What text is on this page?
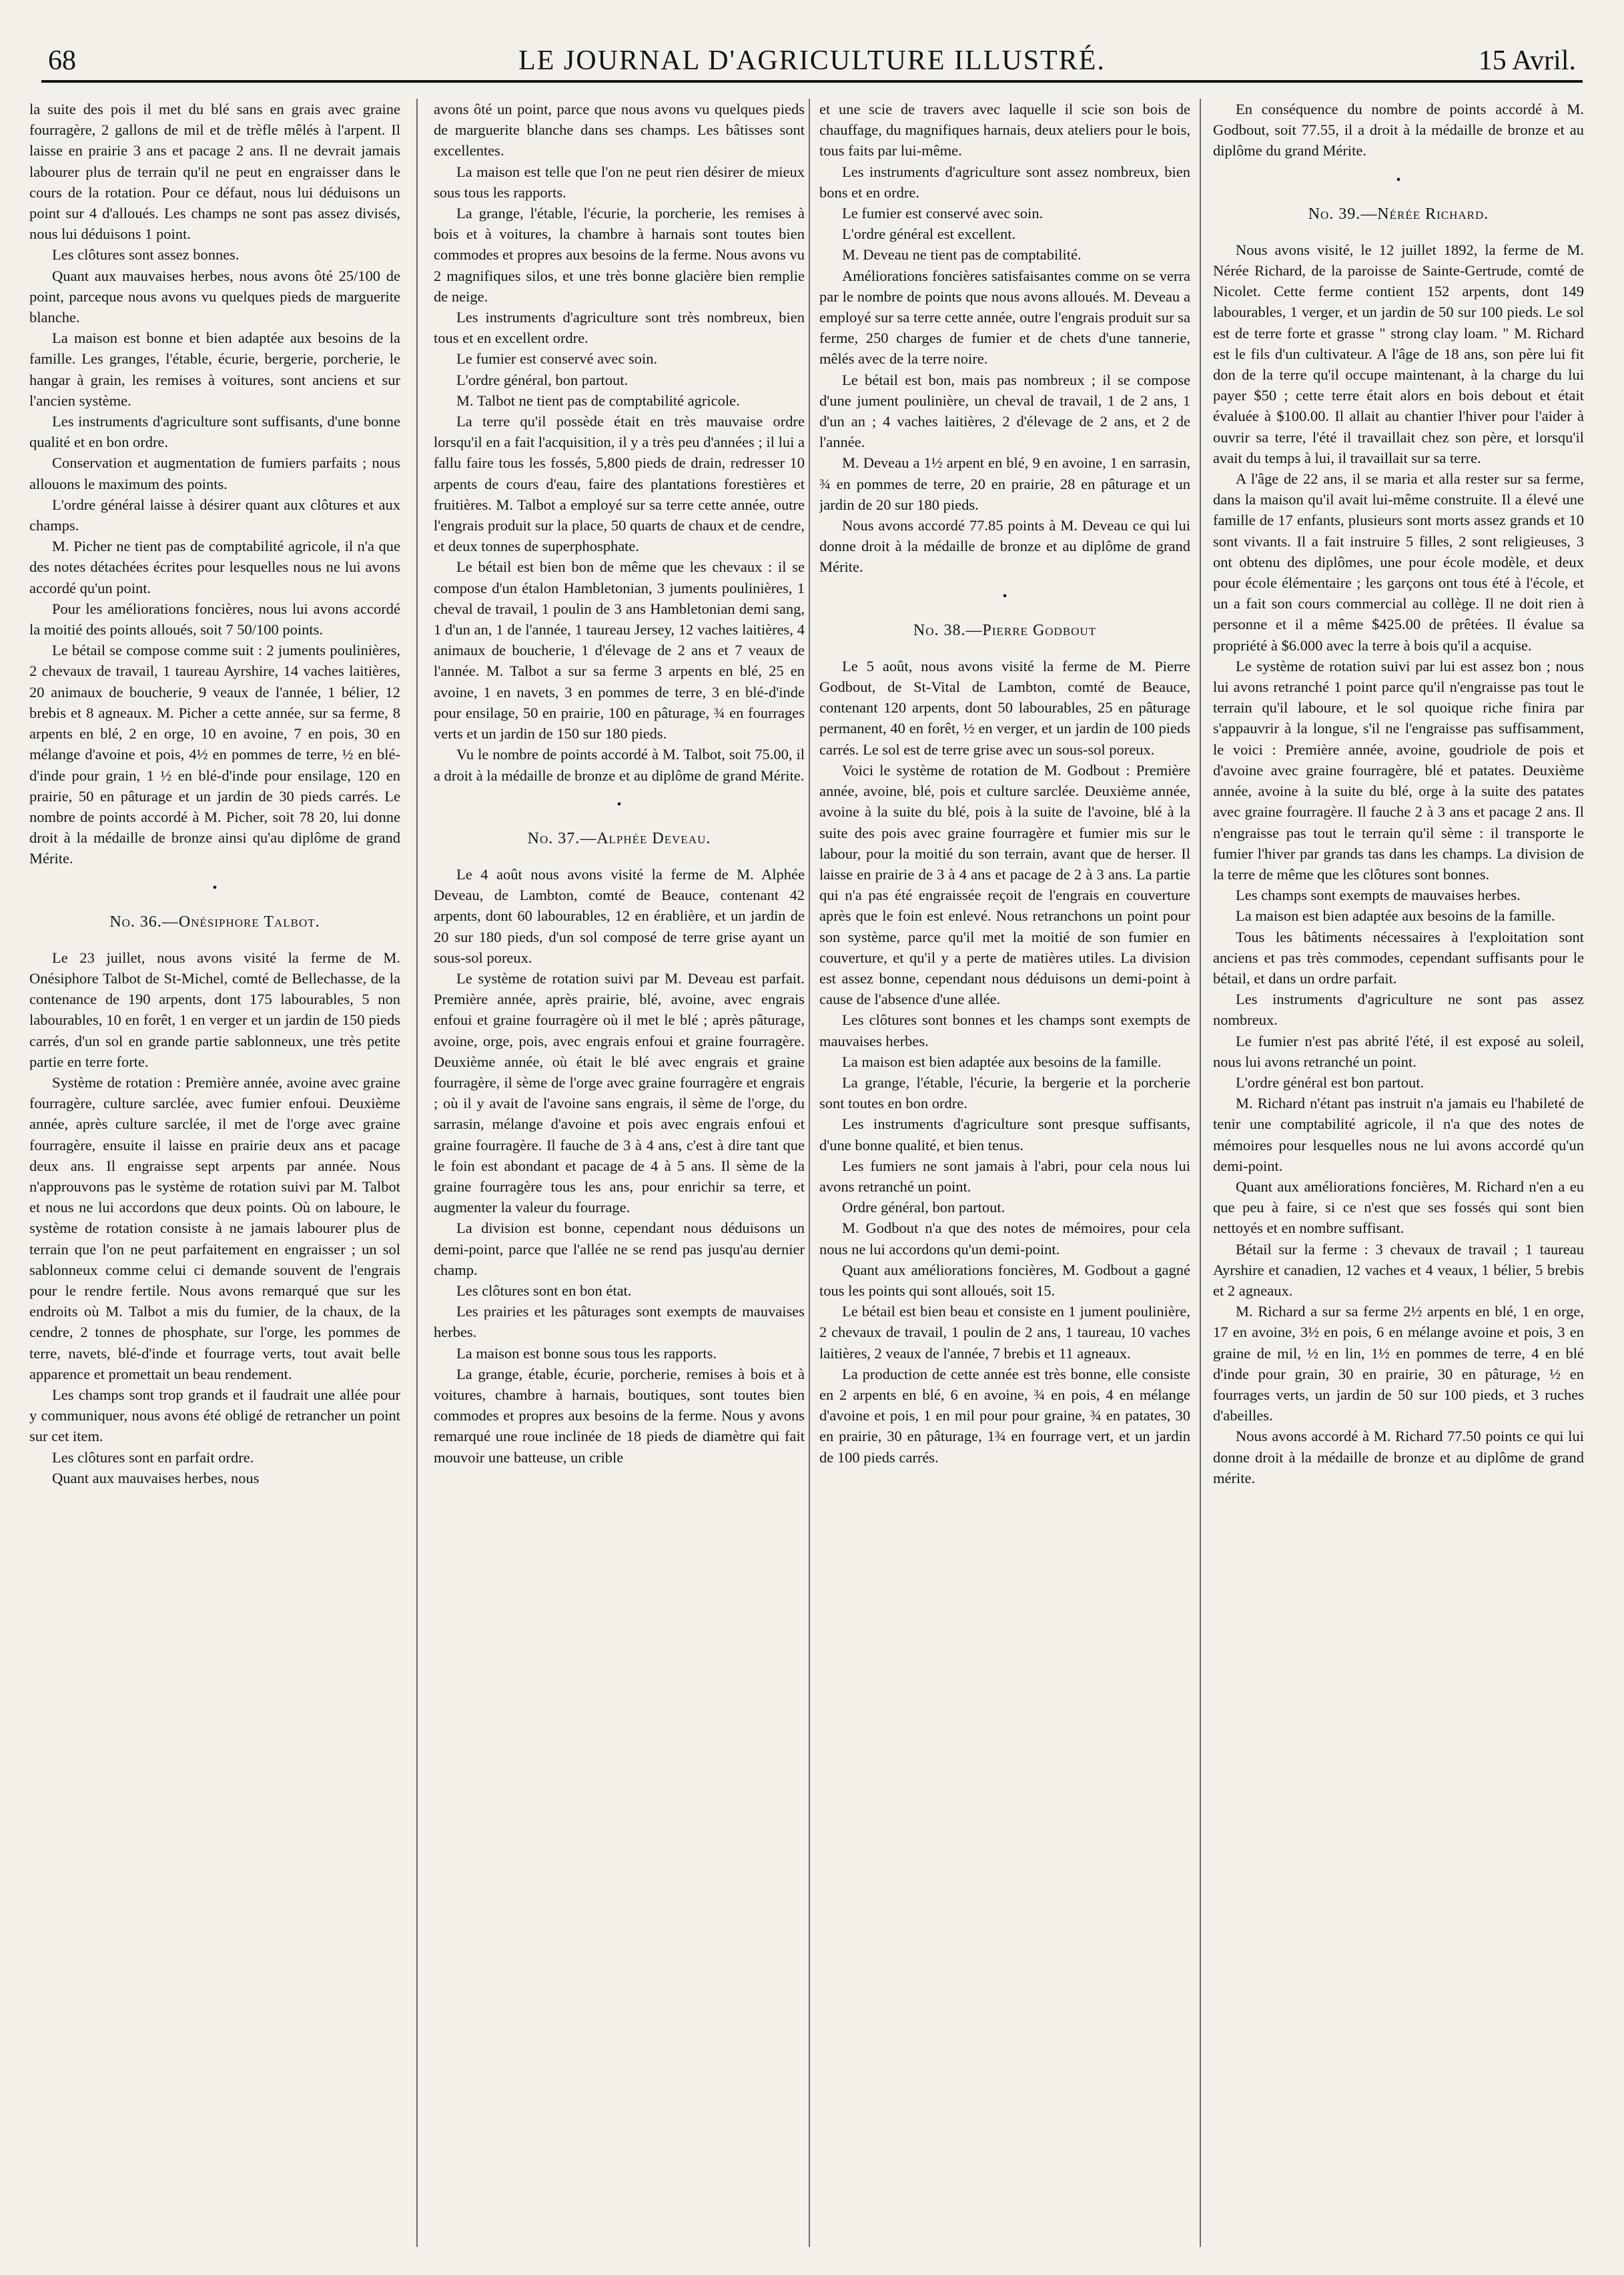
68	LE JOURNAL D'AGRICULTURE ILLUSTRÉ.	15 Avril.

la suite des pois il met du blé sans en grais avec graine fourragère, 2 gallons de mil et de trèfle mêlés à l'arpent. Il laisse en prairie 3 ans et pacage 2 ans. Il ne devrait jamais labourer plus de terrain qu'il ne peut en engraisser dans le cours de la rotation. Pour ce défaut, nous lui déduisons un point sur 4 d'alloués. Les champs ne sont pas assez divisés, nous lui déduisons 1 point.

Les clôtures sont assez bonnes.

Quant aux mauvaises herbes, nous avons ôté 25/100 de point, parceque nous avons vu quelques pieds de marguerite blanche.

La maison est bonne et bien adaptée aux besoins de la famille. Les granges, l'étable, écurie, bergerie, porcherie, le hangar à grain, les remises à voitures, sont anciens et sur l'ancien système.

Les instruments d'agriculture sont suffisants, d'une bonne qualité et en bon ordre.

Conservation et augmentation de fumiers parfaits ; nous allouons le maximum des points.

L'ordre général laisse à désirer quant aux clôtures et aux champs.

M. Picher ne tient pas de comptabilité agricole, il n'a que des notes détachées écrites pour lesquelles nous ne lui avons accordé qu'un point.

Pour les améliorations foncières, nous lui avons accordé la moitié des points alloués, soit 7 50/100 points.

Le bétail se compose comme suit : 2 juments poulinières, 2 chevaux de travail, 1 taureau Ayrshire, 14 vaches laitières, 20 animaux de boucherie, 9 veaux de l'année, 1 bélier, 12 brebis et 8 agneaux. M. Picher a cette année, sur sa ferme, 8 arpents en blé, 2 en orge, 10 en avoine, 7 en pois, 30 en mélange d'avoine et pois, 4½ en pommes de terre, ½ en blé-d'inde pour grain, 1 ½ en blé-d'inde pour ensilage, 120 en prairie, 50 en pâturage et un jardin de 30 pieds carrés. Le nombre de points accordé à M. Picher, soit 78 20, lui donne droit à la médaille de bronze ainsi qu'au diplôme de grand Mérite.

•
No. 36.—Onésiphore Talbot.

Le 23 juillet, nous avons visité la ferme de M. Onésiphore Talbot de St-Michel, comté de Bellechasse, de la contenance de 190 arpents, dont 175 labourables, 5 non labourables, 10 en forêt, 1 en verger et un jardin de 150 pieds carrés, d'un sol en grande partie sablonneux, une très petite partie en terre forte.

Système de rotation : Première année, avoine avec graine fourragère, culture sarclée, avec fumier enfoui. Deuxième année, après culture sarclée, il met de l'orge avec graine fourragère, ensuite il laisse en prairie deux ans et pacage deux ans. Il engraisse sept arpents par année. Nous n'approuvons pas le système de rotation suivi par M. Talbot et nous ne lui accordons que deux points. Où on laboure, le système de rotation consiste à ne jamais labourer plus de terrain que l'on ne peut parfaitement en engraisser ; un sol sablonneux comme celui ci demande souvent de l'engrais pour le rendre fertile. Nous avons remarqué que sur les endroits où M. Talbot a mis du fumier, de la chaux, de la cendre, 2 tonnes de phosphate, sur l'orge, les pommes de terre, navets, blé-d'inde et fourrage verts, tout avait belle apparence et promettait un beau rendement.

Les champs sont trop grands et il faudrait une allée pour y communiquer, nous avons été obligé de retrancher un point sur cet item.

Les clôtures sont en parfait ordre.

Quant aux mauvaises herbes, nous

avons ôté un point, parce que nous avons vu quelques pieds de marguerite blanche dans ses champs. Les bâtisses sont excellentes.

La maison est telle que l'on ne peut rien désirer de mieux sous tous les rapports.

La grange, l'étable, l'écurie, la porcherie, les remises à bois et à voitures, la chambre à harnais sont toutes bien commodes et propres aux besoins de la ferme. Nous avons vu 2 magnifiques silos, et une très bonne glacière bien remplie de neige.

Les instruments d'agriculture sont très nombreux, bien tous et en excellent ordre.

Le fumier est conservé avec soin.

L'ordre général, bon partout.

M. Talbot ne tient pas de comptabilité agricole.

La terre qu'il possède était en très mauvaise ordre lorsqu'il en a fait l'acquisition, il y a très peu d'années ; il lui a fallu faire tous les fossés, 5,800 pieds de drain, redresser 10 arpents de cours d'eau, faire des plantations forestières et fruitières. M. Talbot a employé sur sa terre cette année, outre l'engrais produit sur la place, 50 quarts de chaux et de cendre, et deux tonnes de superphosphate.

Le bétail est bien bon de même que les chevaux : il se compose d'un étalon Hambletonian, 3 juments poulinières, 1 cheval de travail, 1 poulin de 3 ans Hambletonian demi sang, 1 d'un an, 1 de l'année, 1 taureau Jersey, 12 vaches laitières, 4 animaux de boucherie, 1 d'élevage de 2 ans et 7 veaux de l'année. M. Talbot a sur sa ferme 3 arpents en blé, 25 en avoine, 1 en navets, 3 en pommes de terre, 3 en blé-d'inde pour ensilage, 50 en prairie, 100 en pâturage, ¾ en fourrages verts et un jardin de 150 sur 180 pieds.

Vu le nombre de points accordé à M. Talbot, soit 75.00, il a droit à la médaille de bronze et au diplôme de grand Mérite.

•
No. 37.—Alphée Deveau.

Le 4 août nous avons visité la ferme de M. Alphée Deveau, de Lambton, comté de Beauce, contenant 42 arpents, dont 60 labourables, 12 en érablière, et un jardin de 20 sur 180 pieds, d'un sol composé de terre grise ayant un sous-sol poreux.

Le système de rotation suivi par M. Deveau est parfait. Première année, après prairie, blé, avoine, avec engrais enfoui et graine fourragère où il met le blé ; après pâturage, avoine, orge, pois, avec engrais enfoui et graine fourragère. Deuxième année, où était le blé avec engrais et graine fourragère, il sème de l'orge avec graine fourragère et engrais ; où il y avait de l'avoine sans engrais, il sème de l'orge, du sarrasin, mélange d'avoine et pois avec engrais enfoui et graine fourragère. Il fauche de 3 à 4 ans, c'est à dire tant que le foin est abondant et pacage de 4 à 5 ans. Il sème de la graine fourragère tous les ans, pour enrichir sa terre, et augmenter la valeur du fourrage.

La division est bonne, cependant nous déduisons un demi-point, parce que l'allée ne se rend pas jusqu'au dernier champ.

Les clôtures sont en bon état.

Les prairies et les pâturages sont exempts de mauvaises herbes.

La maison est bonne sous tous les rapports.

La grange, étable, écurie, porcherie, remises à bois et à voitures, chambre à harnais, boutiques, sont toutes bien commodes et propres aux besoins de la ferme. Nous y avons remarqué une roue inclinée de 18 pieds de diamètre qui fait mouvoir une batteuse, un crible

et une scie de travers avec laquelle il scie son bois de chauffage, du magnifiques harnais, deux ateliers pour le bois, tous faits par lui-même.

Les instruments d'agriculture sont assez nombreux, bien bons et en ordre.

Le fumier est conservé avec soin.

L'ordre général est excellent.

M. Deveau ne tient pas de comptabilité.

Améliorations foncières satisfaisantes comme on se verra par le nombre de points que nous avons alloués. M. Deveau a employé sur sa terre cette année, outre l'engrais produit sur sa ferme, 250 charges de fumier et de chets d'une tannerie, mêlés avec de la terre noire.

Le bétail est bon, mais pas nombreux ; il se compose d'une jument poulinière, un cheval de travail, 1 de 2 ans, 1 d'un an ; 4 vaches laitières, 2 d'élevage de 2 ans, et 2 de l'année.

M. Deveau a 1½ arpent en blé, 9 en avoine, 1 en sarrasin, ¾ en pommes de terre, 20 en prairie, 28 en pâturage et un jardin de 20 sur 180 pieds.

Nous avons accordé 77.85 points à M. Deveau ce qui lui donne droit à la médaille de bronze et au diplôme de grand Mérite.

•
No. 38.—Pierre Godbout

Le 5 août, nous avons visité la ferme de M. Pierre Godbout, de St-Vital de Lambton, comté de Beauce, contenant 120 arpents, dont 50 labourables, 25 en pâturage permanent, 40 en forêt, ½ en verger, et un jardin de 100 pieds carrés. Le sol est de terre grise avec un sous-sol poreux.

Voici le système de rotation de M. Godbout : Première année, avoine, blé, pois et culture sarclée. Deuxième année, avoine à la suite du blé, pois à la suite de l'avoine, blé à la suite des pois avec graine fourragère et fumier mis sur le labour, pour la moitié du son terrain, avant que de herser. Il laisse en prairie de 3 à 4 ans et pacage de 2 à 3 ans. La partie qui n'a pas été engraissée reçoit de l'engrais en couverture après que le foin est enlevé. Nous retranchons un point pour son système, parce qu'il met la moitié de son fumier en couverture, et qu'il y a perte de matières utiles. La division est assez bonne, cependant nous déduisons un demi-point à cause de l'absence d'une allée.

Les clôtures sont bonnes et les champs sont exempts de mauvaises herbes.

La maison est bien adaptée aux besoins de la famille.

La grange, l'étable, l'écurie, la bergerie et la porcherie sont toutes en bon ordre.

Les instruments d'agriculture sont presque suffisants, d'une bonne qualité, et bien tenus.

Les fumiers ne sont jamais à l'abri, pour cela nous lui avons retranché un point.

Ordre général, bon partout.

M. Godbout n'a que des notes de mémoires, pour cela nous ne lui accordons qu'un demi-point.

Quant aux améliorations foncières, M. Godbout a gagné tous les points qui sont alloués, soit 15.

Le bétail est bien beau et consiste en 1 jument poulinière, 2 chevaux de travail, 1 poulin de 2 ans, 1 taureau, 10 vaches laitières, 2 veaux de l'année, 7 brebis et 11 agneaux.

La production de cette année est très bonne, elle consiste en 2 arpents en blé, 6 en avoine, ¾ en pois, 4 en mélange d'avoine et pois, 1 en mil pour pour graine, ¾ en patates, 30 en prairie, 30 en pâturage, 1¾ en fourrage vert, et un jardin de 100 pieds carrés.

En conséquence du nombre de points accordé à M. Godbout, soit 77.55, il a droit à la médaille de bronze et au diplôme du grand Mérite.

•
No. 39.—Nérée Richard.

Nous avons visité, le 12 juillet 1892, la ferme de M. Nérée Richard, de la paroisse de Sainte-Gertrude, comté de Nicolet. Cette ferme contient 152 arpents, dont 149 labourables, 1 verger, et un jardin de 50 sur 100 pieds. Le sol est de terre forte et grasse " strong clay loam. " M. Richard est le fils d'un cultivateur. A l'âge de 18 ans, son père lui fit don de la terre qu'il occupe maintenant, à la charge du lui payer $50 ; cette terre était alors en bois debout et était évaluée à $100.00. Il allait au chantier l'hiver pour l'aider à ouvrir sa terre, l'été il travaillait chez son père, et lorsqu'il avait du temps à lui, il travaillait sur sa terre.

A l'âge de 22 ans, il se maria et alla rester sur sa ferme, dans la maison qu'il avait lui-même construite. Il a élevé une famille de 17 enfants, plusieurs sont morts assez grands et 10 sont vivants. Il a fait instruire 5 filles, 2 sont religieuses, 3 ont obtenu des diplômes, une pour école modèle, et deux pour école élémentaire ; les garçons ont tous été à l'école, et un a fait son cours commercial au collège. Il ne doit rien à personne et il a même $425.00 de prêtées. Il évalue sa propriété à $6.000 avec la terre à bois qu'il a acquise.

Le système de rotation suivi par lui est assez bon ; nous lui avons retranché 1 point parce qu'il n'engraisse pas tout le terrain qu'il laboure, et le sol quoique riche finira par s'appauvrir à la longue, s'il ne l'engraisse pas suffisamment, le voici : Première année, avoine, goudriole de pois et d'avoine avec graine fourragère, blé et patates. Deuxième année, avoine à la suite du blé, orge à la suite des patates avec graine fourragère. Il fauche 2 à 3 ans et pacage 2 ans. Il n'engraisse pas tout le terrain qu'il sème : il transporte le fumier l'hiver par grands tas dans les champs. La division de la terre de même que les clôtures sont bonnes.

Les champs sont exempts de mauvaises herbes.

La maison est bien adaptée aux besoins de la famille.

Tous les bâtiments nécessaires à l'exploitation sont anciens et pas très commodes, cependant suffisants pour le bétail, et dans un ordre parfait.

Les instruments d'agriculture ne sont pas assez nombreux.

Le fumier n'est pas abrité l'été, il est exposé au soleil, nous lui avons retranché un point.

L'ordre général est bon partout.

M. Richard n'étant pas instruit n'a jamais eu l'habileté de tenir une comptabilité agricole, il n'a que des notes de mémoires pour lesquelles nous ne lui avons accordé qu'un demi-point.

Quant aux améliorations foncières, M. Richard n'en a eu que peu à faire, si ce n'est que ses fossés qui sont bien nettoyés et en nombre suffisant.

Bétail sur la ferme : 3 chevaux de travail ; 1 taureau Ayrshire et canadien, 12 vaches et 4 veaux, 1 bélier, 5 brebis et 2 agneaux.

M. Richard a sur sa ferme 2½ arpents en blé, 1 en orge, 17 en avoine, 3½ en pois, 6 en mélange avoine et pois, 3 en graine de mil, ½ en lin, 1½ en pommes de terre, 4 en blé d'inde pour grain, 30 en prairie, 30 en pâturage, ½ en fourrages verts, un jardin de 50 sur 100 pieds, et 3 ruches d'abeilles.

Nous avons accordé à M. Richard 77.50 points ce qui lui donne droit à la médaille de bronze et au diplôme de grand mérite.
